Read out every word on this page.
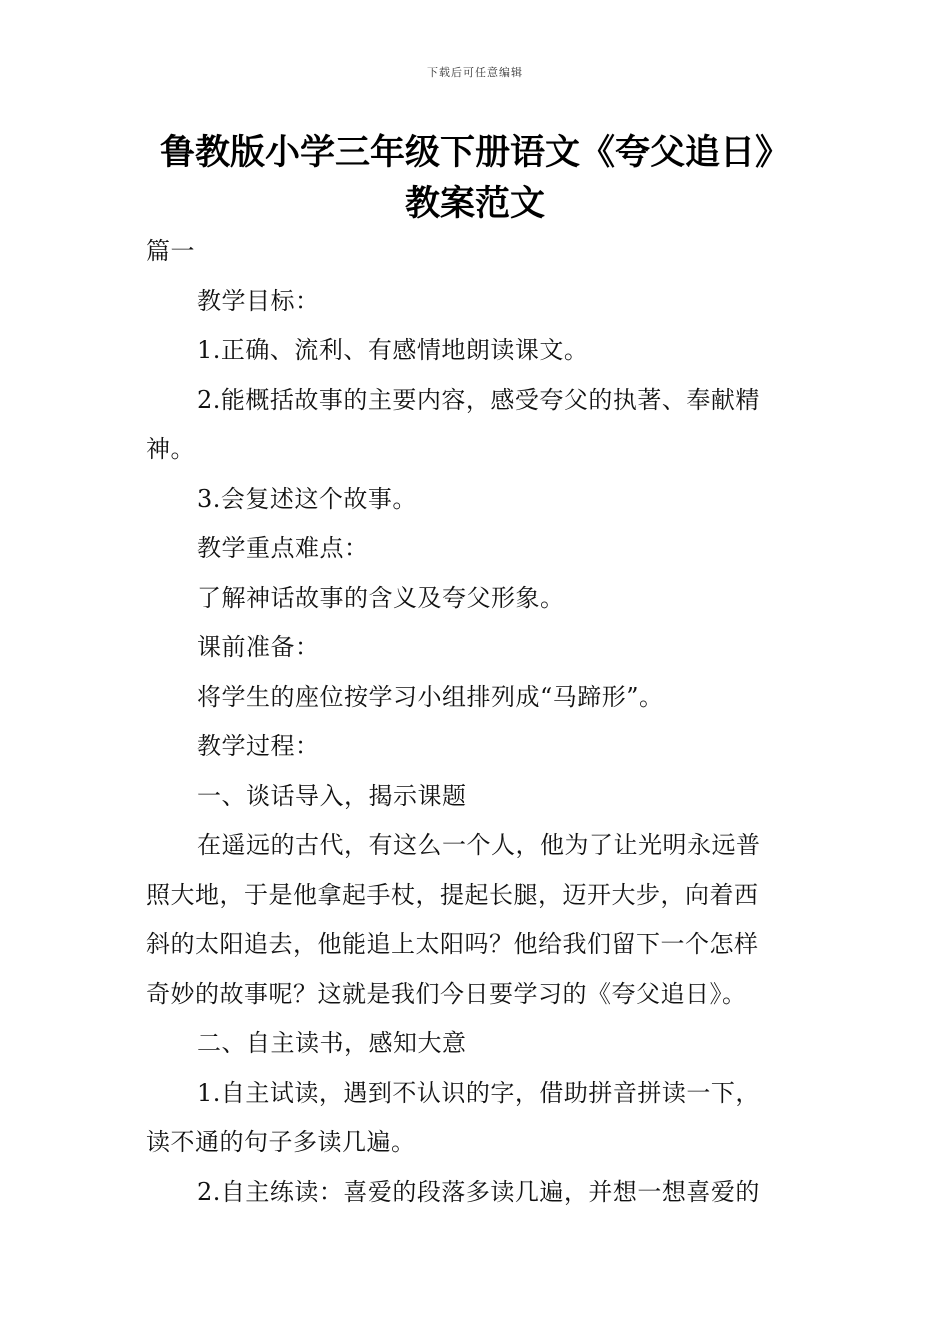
下载后可任意编辑
鲁教版小学三年级下册语文《夸父追日》
教案范文

篇一

教学目标：

1.正确、流利、有感情地朗读课文。

2.能概括故事的主要内容，感受夸父的执著、奉献精

神。

3.会复述这个故事。

教学重点难点：

了解神话故事的含义及夸父形象。

课前准备：

将学生的座位按学习小组排列成“马蹄形”。

教学过程：

一、谈话导入，揭示课题

在遥远的古代，有这么一个人，他为了让光明永远普

照大地，于是他拿起手杖，提起长腿，迈开大步，向着西

斜的太阳追去，他能追上太阳吗？他给我们留下一个怎样

奇妙的故事呢？这就是我们今日要学习的《夸父追日》。

二、自主读书，感知大意

1.自主试读，遇到不认识的字，借助拼音拼读一下，

读不通的句子多读几遍。

2.自主练读：喜爱的段落多读几遍，并想一想喜爱的
